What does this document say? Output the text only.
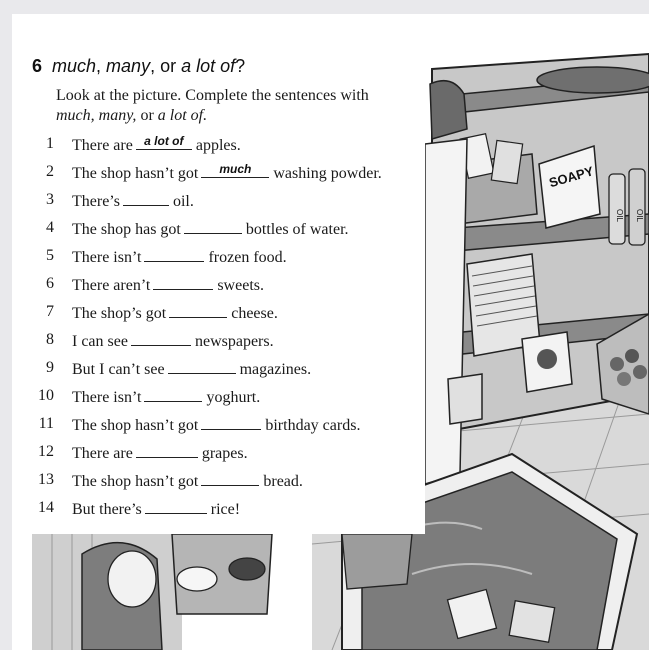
SOAPY
OIL OIL
6 much, many, or a lot of?
Look at the picture. Complete the sentences with
much, many, or a lot of.
1 There are a lot of apples.
2 The shop hasn’t got	much	washing powder.
3 There’s	oil.
4 The shop has got	bottles of water.
5 There isn’t	frozen food.
6 There aren’t	sweets.
7 The shop’s got	cheese.
8 I can see	newspapers.
9 But I can’t see	magazines.
10 There isn’t	yoghurt.
11 The shop hasn’t got	birthday cards.
12 There are	grapes.
13 The shop hasn’t got	bread.
14 But there’s	rice!
